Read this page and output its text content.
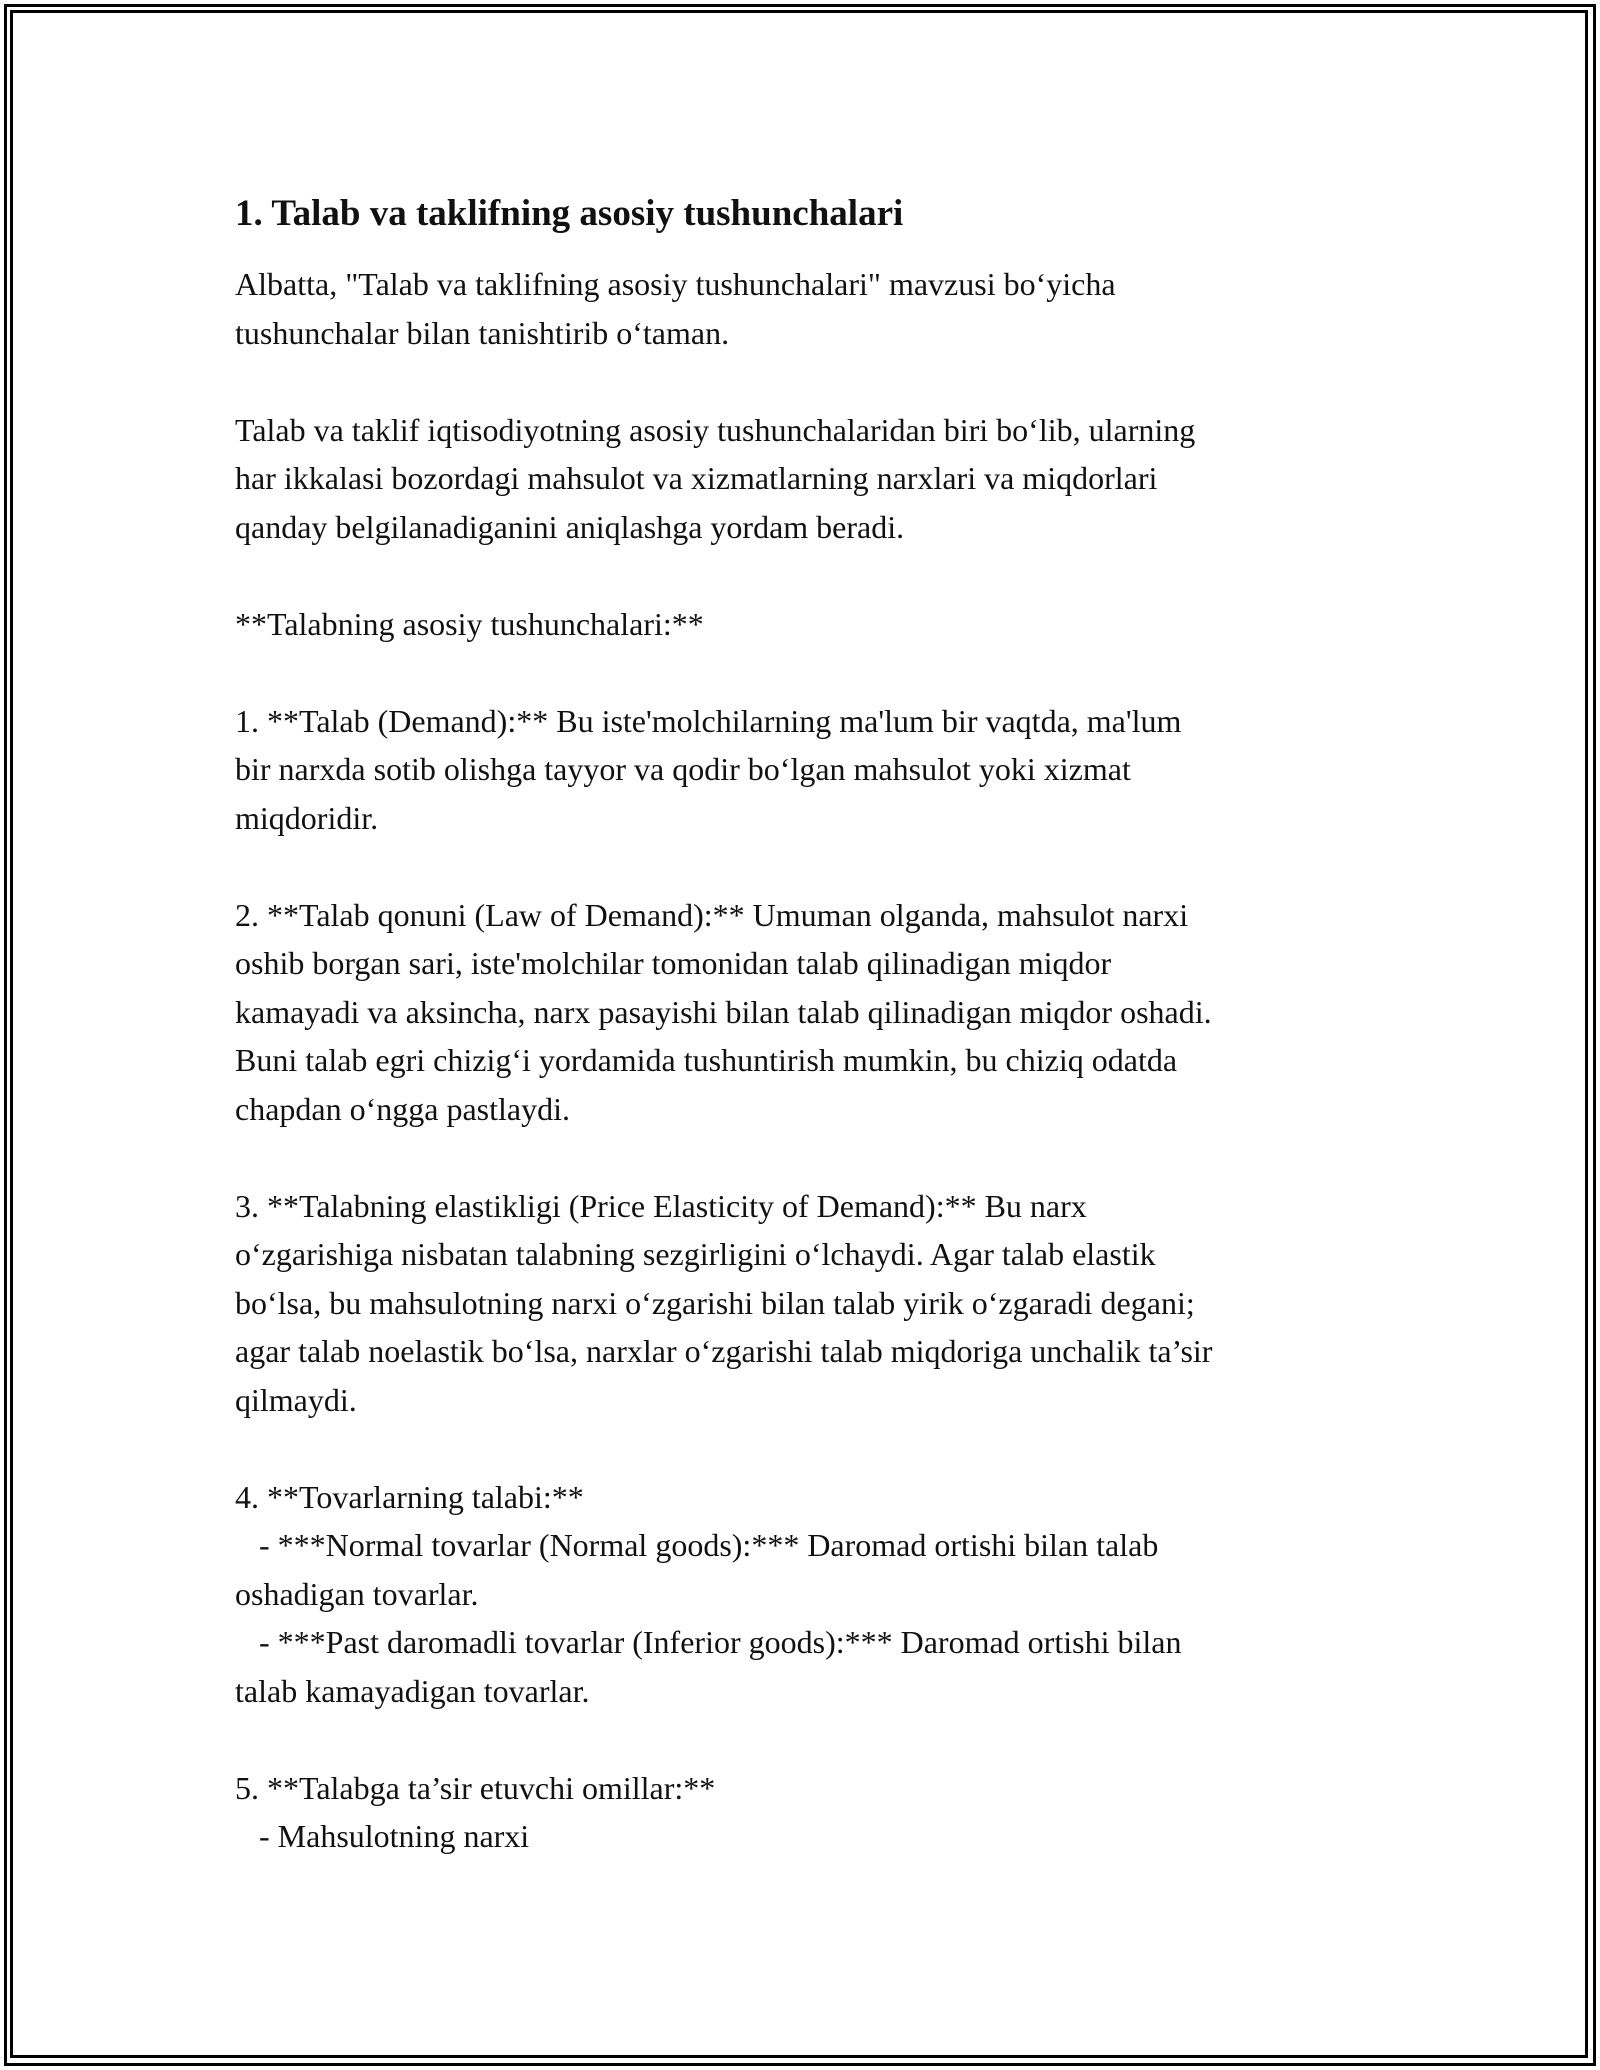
1. Talab va taklifning asosiy tushunchalari
Albatta, "Talab va taklifning asosiy tushunchalari" mavzusi bo‘yicha
tushunchalar bilan tanishtirib o‘taman.
Talab va taklif iqtisodiyotning asosiy tushunchalaridan biri bo‘lib, ularning
har ikkalasi bozordagi mahsulot va xizmatlarning narxlari va miqdorlari
qanday belgilanadiganini aniqlashga yordam beradi.
**Talabning asosiy tushunchalari:**
1. **Talab (Demand):** Bu iste'molchilarning ma'lum bir vaqtda, ma'lum
bir narxda sotib olishga tayyor va qodir bo‘lgan mahsulot yoki xizmat
miqdoridir.
2. **Talab qonuni (Law of Demand):** Umuman olganda, mahsulot narxi
oshib borgan sari, iste'molchilar tomonidan talab qilinadigan miqdor
kamayadi va aksincha, narx pasayishi bilan talab qilinadigan miqdor oshadi.
Buni talab egri chizig‘i yordamida tushuntirish mumkin, bu chiziq odatda
chapdan o‘ngga pastlaydi.
3. **Talabning elastikligi (Price Elasticity of Demand):** Bu narx
o‘zgarishiga nisbatan talabning sezgirligini o‘lchaydi. Agar talab elastik
bo‘lsa, bu mahsulotning narxi o‘zgarishi bilan talab yirik o‘zgaradi degani;
agar talab noelastik bo‘lsa, narxlar o‘zgarishi talab miqdoriga unchalik ta’sir
qilmaydi.
4. **Tovarlarning talabi:**
- ***Normal tovarlar (Normal goods):*** Daromad ortishi bilan talab
oshadigan tovarlar.
- ***Past daromadli tovarlar (Inferior goods):*** Daromad ortishi bilan
talab kamayadigan tovarlar.
5. **Talabga ta’sir etuvchi omillar:**
- Mahsulotning narxi
